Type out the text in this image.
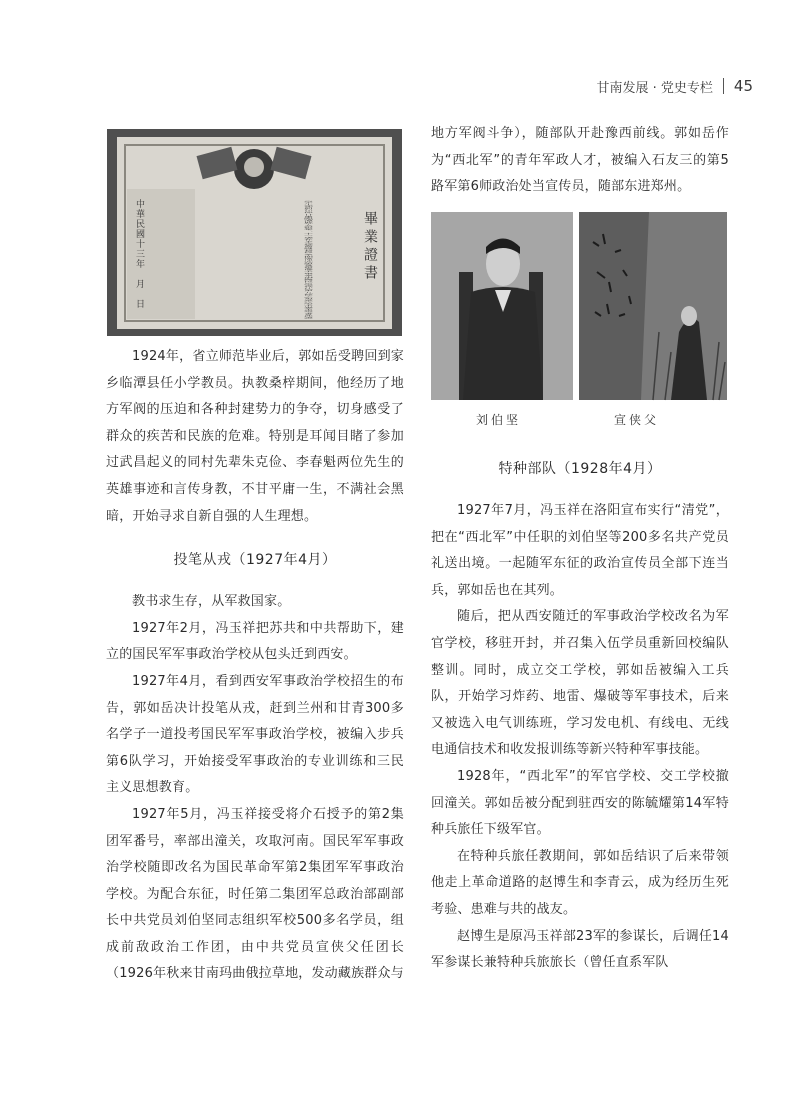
甘南发展 · 党史专栏 45
畢業證書
學生郭如岳係甘肅臨潭縣人現年二十一歲在本校高級科修業期滿成績及格准予畢業依國民學校法第九條之規定給予畢業證書此證
中華民國十三年　月　日

1924年，省立师范毕业后，郭如岳受聘回到家乡临潭县任小学教员。执教桑梓期间，他经历了地方军阀的压迫和各种封建势力的争夺，切身感受了群众的疾苦和民族的危难。特别是耳闻目睹了参加过武昌起义的同村先辈朱克俭、李春魁两位先生的英雄事迹和言传身教，不甘平庸一生，不满社会黑暗，开始寻求自新自强的人生理想。

投笔从戎（1927年4月）

教书求生存，从军救国家。

1927年2月，冯玉祥把苏共和中共帮助下，建立的国民军军事政治学校从包头迁到西安。

1927年4月，看到西安军事政治学校招生的布告，郭如岳决计投笔从戎，赶到兰州和甘青300多名学子一道投考国民军军事政治学校，被编入步兵第6队学习，开始接受军事政治的专业训练和三民主义思想教育。

1927年5月，冯玉祥接受将介石授予的第2集团军番号，率部出潼关，攻取河南。国民军军事政治学校随即改名为国民革命军第2集团军军事政治学校。为配合东征，时任第二集团军总政治部副部长中共党员刘伯坚同志组织军校500多名学员，组成前敌政治工作团，由中共党员宣侠父任团长（1926年秋来甘南玛曲俄拉草地，发动藏族群众与

地方军阀斗争），随部队开赴豫西前线。郭如岳作为“西北军”的青年军政人才，被编入石友三的第5路军第6师政治处当宣传员，随部东进郑州。

刘伯坚	宣侠父

特种部队（1928年4月）

1927年7月，冯玉祥在洛阳宣布实行“清党”，把在“西北军”中任职的刘伯坚等200多名共产党员礼送出境。一起随军东征的政治宣传员全部下连当兵，郭如岳也在其列。

随后，把从西安随迁的军事政治学校改名为军官学校，移驻开封，并召集入伍学员重新回校编队整训。同时，成立交工学校，郭如岳被编入工兵队，开始学习炸药、地雷、爆破等军事技术，后来又被选入电气训练班，学习发电机、有线电、无线电通信技术和收发报训练等新兴特种军事技能。

1928年，“西北军”的军官学校、交工学校撤回潼关。郭如岳被分配到驻西安的陈毓耀第14军特种兵旅任下级军官。

在特种兵旅任教期间，郭如岳结识了后来带领他走上革命道路的赵博生和李青云，成为经历生死考验、患难与共的战友。

赵博生是原冯玉祥部23军的参谋长，后调任14军参谋长兼特种兵旅旅长（曾任直系军队
